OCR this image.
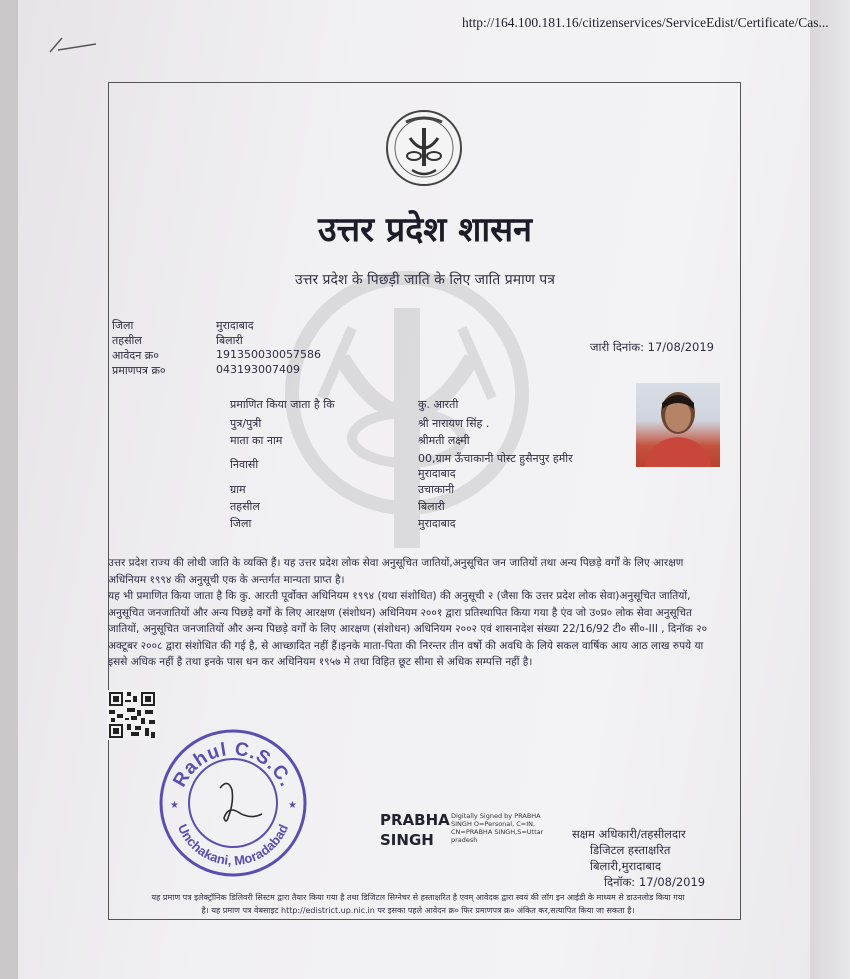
http://164.100.181.16/citizenservices/ServiceEdist/Certificate/Cas...
उत्तर प्रदेश शासन
उत्तर प्रदेश के पिछड़ी जाति के लिए जाति प्रमाण पत्र
जिला	मुरादाबाद
तहसील	बिलारी
आवेदन क्र०	191350030057586
प्रमाणपत्र क्र०	043193007409
जारी दिनांक: 17/08/2019
प्रमाणित किया जाता है कि	कु. आरती
पुत्र/पुत्री	श्री नारायण सिंह .
माता का नाम	श्रीमती लक्ष्मी
निवासी	00,ग्राम ऊँचाकानी पोस्ट हुसैनपुर हमीर
मुरादाबाद
ग्राम	उचाकानी
तहसील	बिलारी
जिला	मुरादाबाद

उत्तर प्रदेश राज्य की लोधी जाति के व्यक्ति हैं। यह उत्तर प्रदेश लोक सेवा अनुसूचित जातियों,अनुसूचित जन जातियों तथा अन्य पिछड़े वर्गों के लिए आरक्षण अधिनियम १९९४ की अनुसूची एक के अन्तर्गत मान्यता प्राप्त है।

यह भी प्रमाणित किया जाता है कि कु. आरती पूर्वोक्त अधिनियम १९९४ (यथा संशोधित) की अनुसूची २ (जैसा कि उत्तर प्रदेश लोक सेवा)अनुसूचित जातियों, अनुसूचित जनजातियों और अन्य पिछड़े वर्गों के लिए आरक्षण (संशोधन) अधिनियम २००१ द्वारा प्रतिस्थापित किया गया है एंव जो उ०प्र० लोक सेवा अनुसूचित जातियों, अनुसूचित जनजातियों और अन्य पिछड़े वर्गों के लिए आरक्षण (संशोधन) अधिनियम २००२ एवं शासनादेश संख्या 22/16/92 टी० सी०-III , दिनॉक २० अक्टूबर २००८ द्वारा संशोधित की गई है, से आच्छादित नहीं हैं।इनके माता-पिता की निरन्तर तीन वर्षो की अवधि के लिये सकल वार्षिक आय आठ लाख रुपये या इससे अधिक नहीं है तथा इनके पास धन कर अधिनियम १९५७ मे तथा विहित छूट सीमा से अधिक सम्पत्ति नहीं है।

Rahul C.S.C.
Unchakani, Moradabad
★	★
PRABHA
SINGH
Digitally Signed by PRABHA SINGH O=Personal, C=IN, CN=PRABHA SINGH,S=Uttar pradesh	सक्षम अधिकारी/तहसीलदार
डिजिटल हस्ताक्षरित
बिलारी,मुरादाबाद
दिनॉक: 17/08/2019

यह प्रमाण पत्र इलेक्ट्रॉनिक डिलिवरी सिस्टम द्वारा तैयार किया गया है तथा डिजिटल सिग्नेचर से हस्ताक्षरित है एवम् आवेदक द्वारा स्वयं की लॉग इन आईडी के माध्यम से डाउनलोड किया गया

है। यह प्रमाण पत्र वेबसाइट http://edistrict.up.nic.in पर इसका पहले आवेदन क्र० फिर प्रमाणपत्र क्र० अंकित कर,सत्यापित किया जा सकता है।
